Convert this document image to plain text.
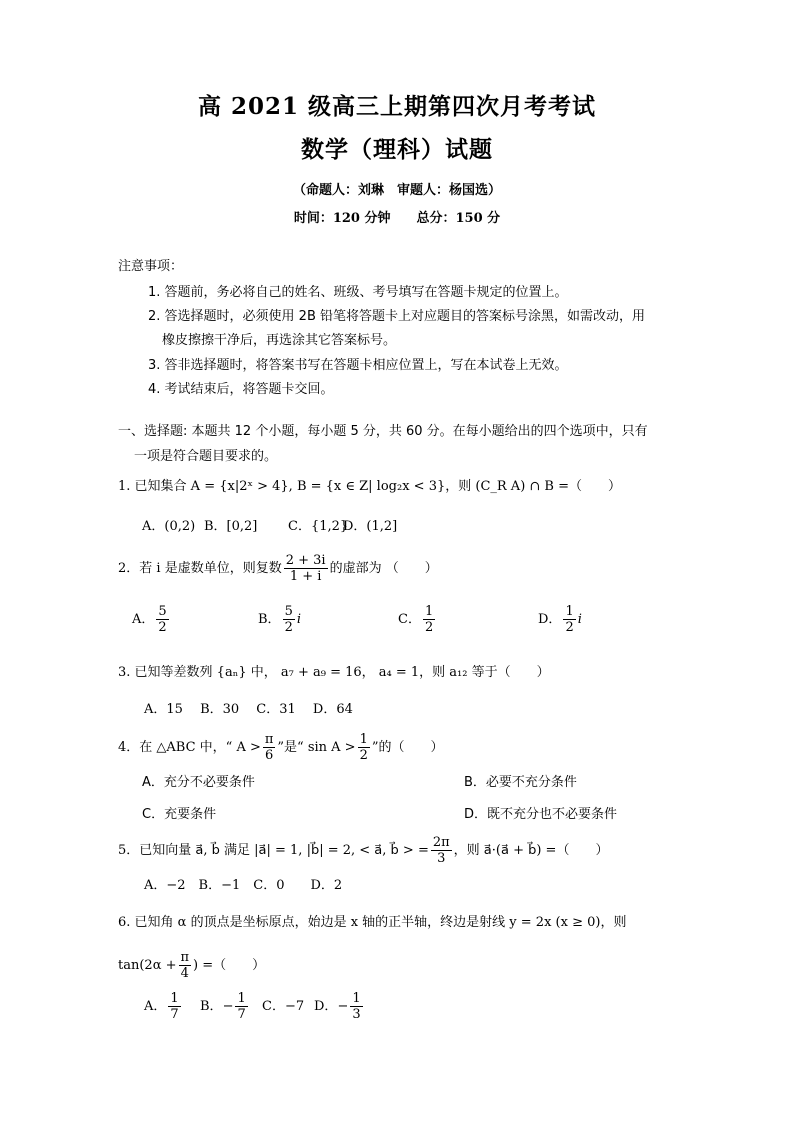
高 2021 级高三上期第四次月考考试
数学（理科）试题
（命题人：刘琳　审题人：杨国选）
时间：120 分钟　　总分：150 分
注意事项：
1. 答题前，务必将自己的姓名、班级、考号填写在答题卡规定的位置上。
2. 答选择题时，必须使用 2B 铅笔将答题卡上对应题目的答案标号涂黑，如需改动，用
橡皮擦擦干净后，再选涂其它答案标号。
3. 答非选择题时，将答案书写在答题卡相应位置上，写在本试卷上无效。
4. 考试结束后，将答题卡交回。
一、选择题: 本题共 12 个小题，每小题 5 分，共 60 分。在每小题给出的四个选项中，只有
一项是符合题目要求的。
1. 已知集合 A = {x|2ˣ > 4}, B = {x ∈ Z| log₂x < 3}，则 (C_R A) ∩ B =（　　）
A．(0,2) B．[0,2] C．{1,2}
D．(1,2]
2．若 i 是虚数单位，则复数 $\frac{2 + 3i}{1 + i}$ 的虚部为 （　　）
A． $\frac{5}{2}$	B． $\frac{5}{2}$ i	C． $\frac{1}{2}$	D． $\frac{1}{2}$ i
3. 已知等差数列 {aₙ} 中， a₇ + a₉ = 16， a₄ = 1，则 a₁₂ 等于（　　）
A．15　 B．30　 C．31　 D．64
4．在 △ABC 中，“ $A > \frac{\pi}{6}$ ”是“ $\sin A > \frac{1}{2}$ ”的（　　）
A．充分不必要条件	B．必要不充分条件
C．充要条件	D．既不充分也不必要条件
5．已知向量 a⃗, b⃗ 满足 |a⃗| = 1, |b⃗| = 2, < a⃗, b⃗ > = $\frac{2\pi}{3}$ ，则 a⃗·(a⃗ + b⃗) =（　　）
A．−2　B．−1　C．0　　D．2
6. 已知角 α 的顶点是坐标原点，始边是 x 轴的正半轴，终边是射线 y = 2x (x ≥ 0)，则
$\tan(2\alpha + \frac{\pi}{4}$ ) =（　　）
A． $\frac{1}{7}$ B．− $\frac{1}{7}$ C．−7 D．− $\frac{1}{3}$
